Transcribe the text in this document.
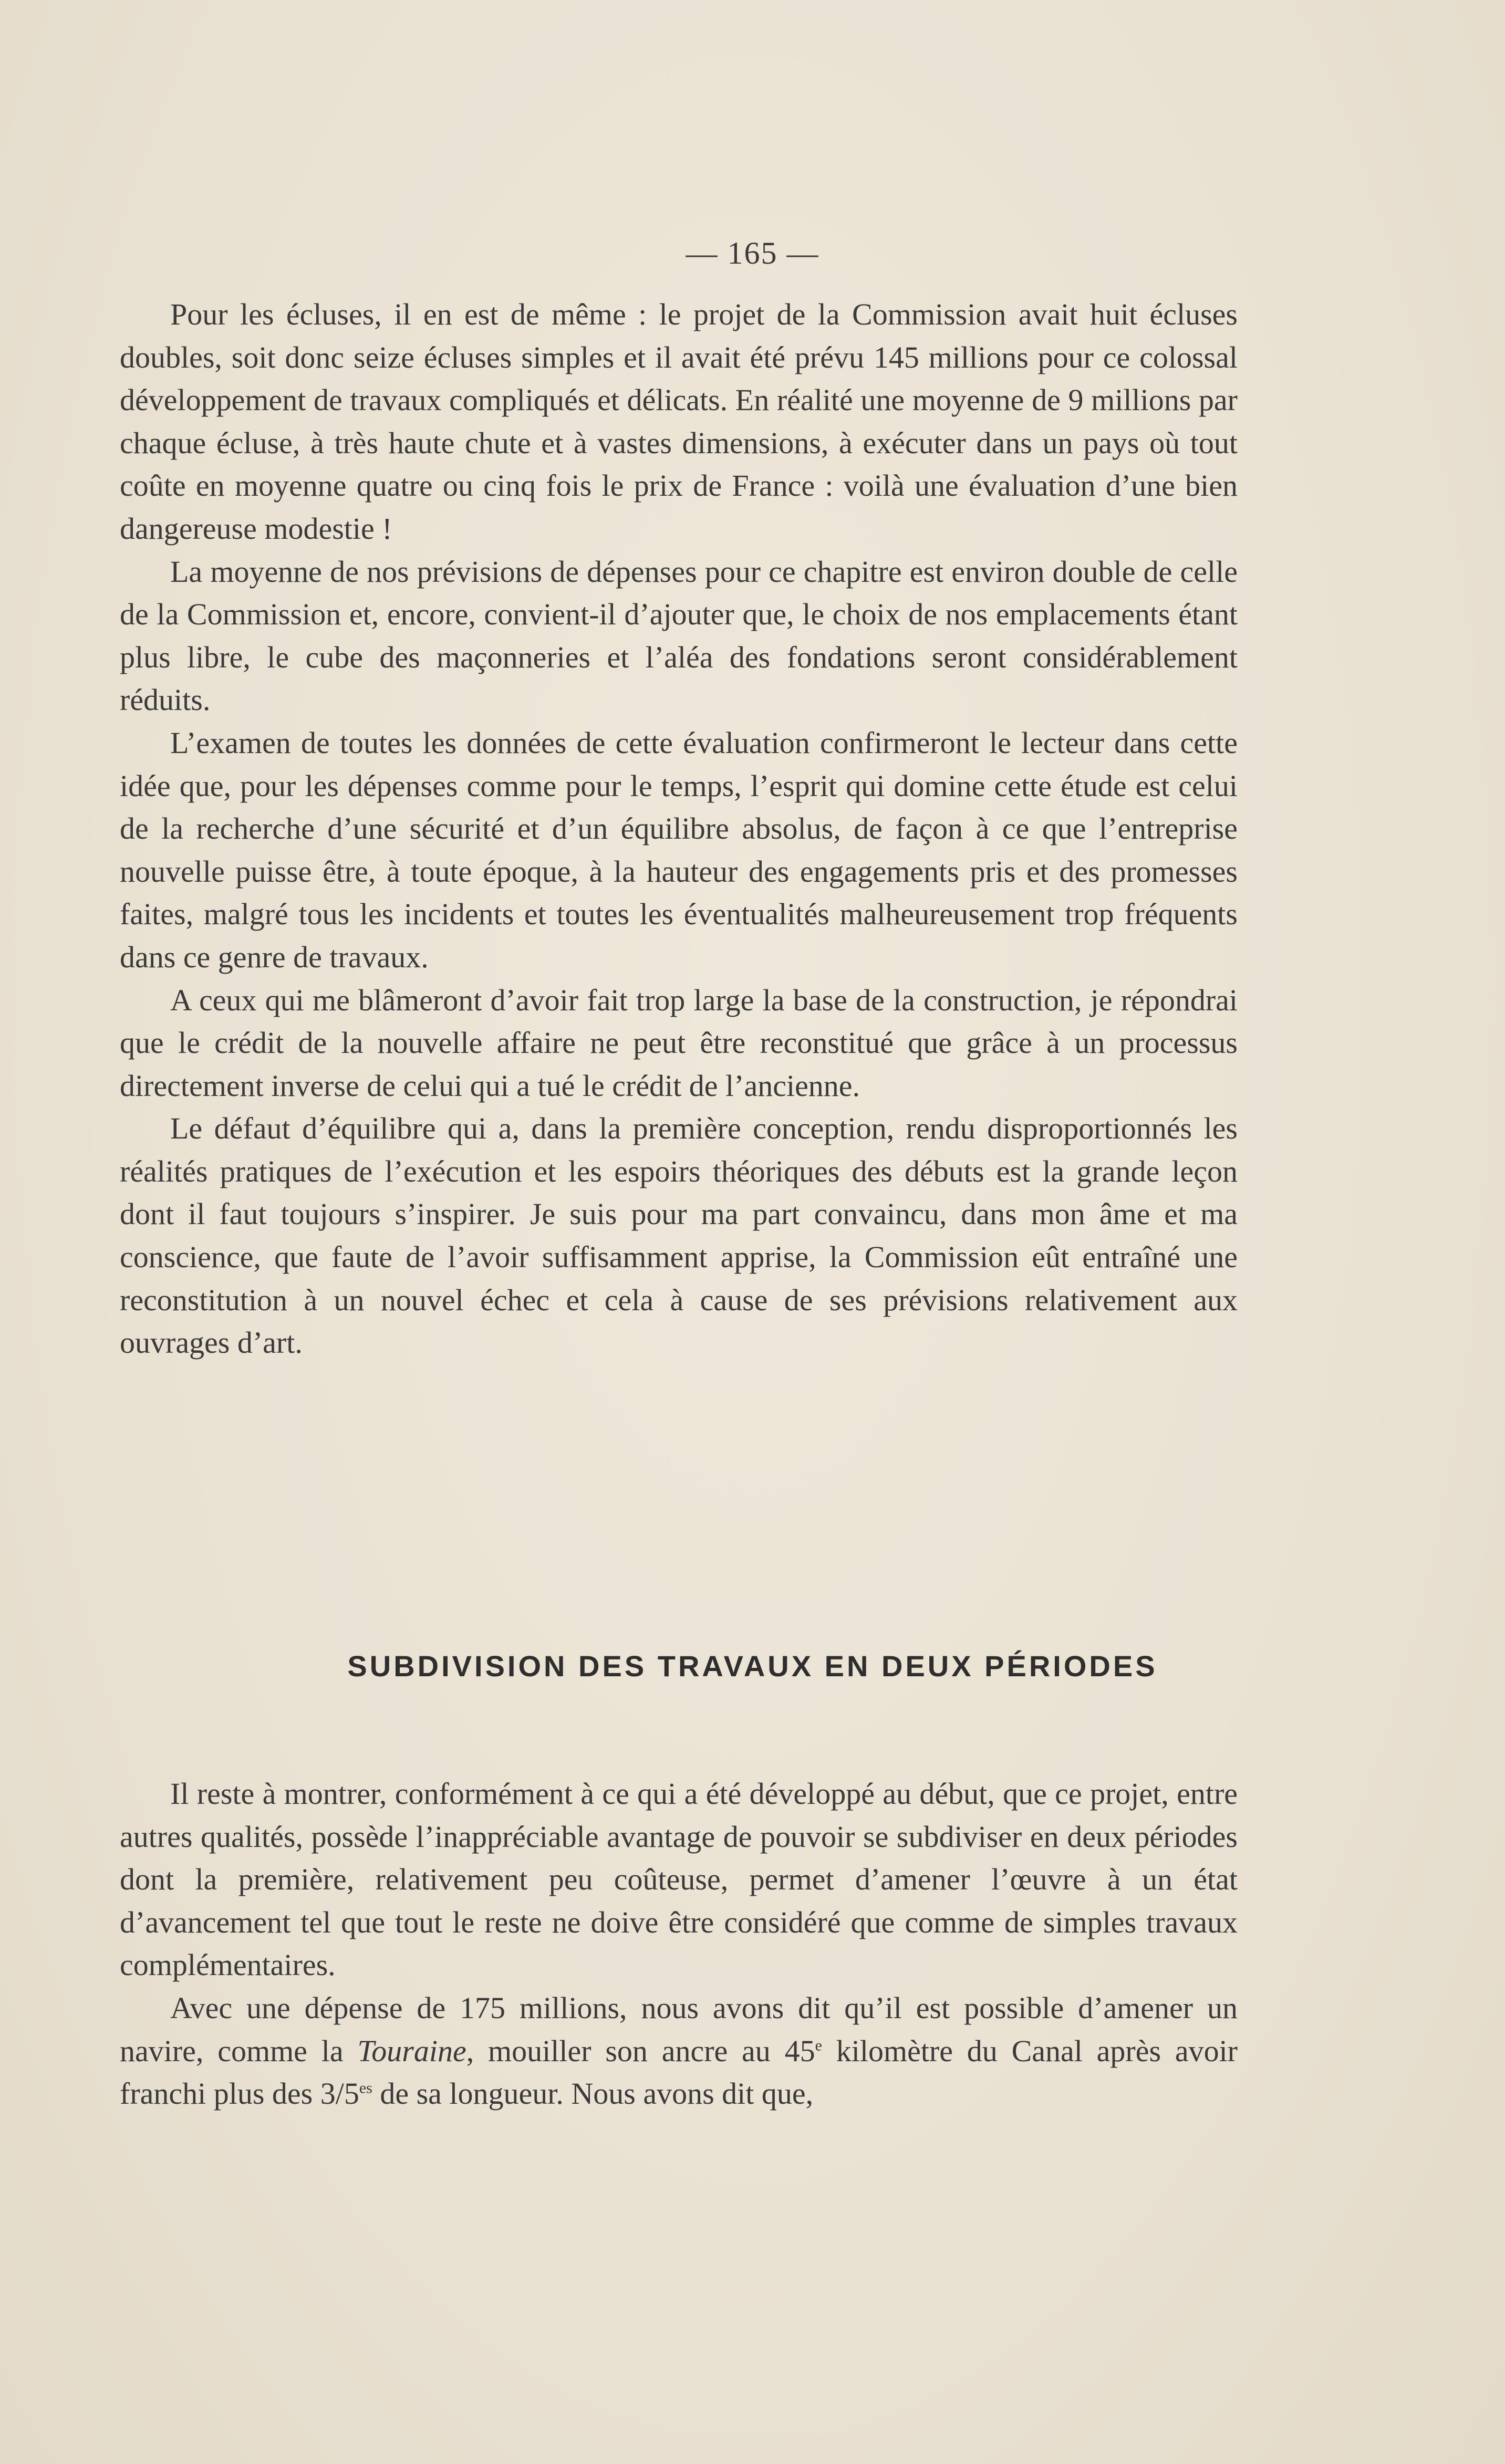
— 165 —

Pour les écluses, il en est de même : le projet de la Commission avait huit écluses doubles, soit donc seize écluses simples et il avait été prévu 145 millions pour ce colossal développement de travaux compliqués et délicats. En réalité une moyenne de 9 millions par chaque écluse, à très haute chute et à vastes dimensions, à exécuter dans un pays où tout coûte en moyenne quatre ou cinq fois le prix de France : voilà une évaluation d’une bien dangereuse modestie !

La moyenne de nos prévisions de dépenses pour ce chapitre est environ double de celle de la Commission et, encore, convient-il d’ajouter que, le choix de nos emplacements étant plus libre, le cube des maçonneries et l’aléa des fondations seront considérablement réduits.

L’examen de toutes les données de cette évaluation confirmeront le lecteur dans cette idée que, pour les dépenses comme pour le temps, l’esprit qui domine cette étude est celui de la recherche d’une sécurité et d’un équilibre absolus, de façon à ce que l’entreprise nouvelle puisse être, à toute époque, à la hauteur des engagements pris et des promesses faites, malgré tous les incidents et toutes les éventualités malheureusement trop fréquents dans ce genre de travaux.

A ceux qui me blâmeront d’avoir fait trop large la base de la construction, je répondrai que le crédit de la nouvelle affaire ne peut être reconstitué que grâce à un processus directement inverse de celui qui a tué le crédit de l’ancienne.

Le défaut d’équilibre qui a, dans la première conception, rendu disproportionnés les réalités pratiques de l’exécution et les espoirs théoriques des débuts est la grande leçon dont il faut toujours s’inspirer. Je suis pour ma part convaincu, dans mon âme et ma conscience, que faute de l’avoir suffisamment apprise, la Commission eût entraîné une reconstitution à un nouvel échec et cela à cause de ses prévisions relativement aux ouvrages d’art.

SUBDIVISION DES TRAVAUX EN DEUX PÉRIODES

Il reste à montrer, conformément à ce qui a été développé au début, que ce projet, entre autres qualités, possède l’inappréciable avantage de pouvoir se subdiviser en deux périodes dont la première, relativement peu coûteuse, permet d’amener l’œuvre à un état d’avancement tel que tout le reste ne doive être considéré que comme de simples travaux complémentaires.

Avec une dépense de 175 millions, nous avons dit qu’il est possible d’amener un navire, comme la Touraine, mouiller son ancre au 45e kilomètre du Canal après avoir franchi plus des $3/5^{es}$ de sa longueur. Nous avons dit que,
